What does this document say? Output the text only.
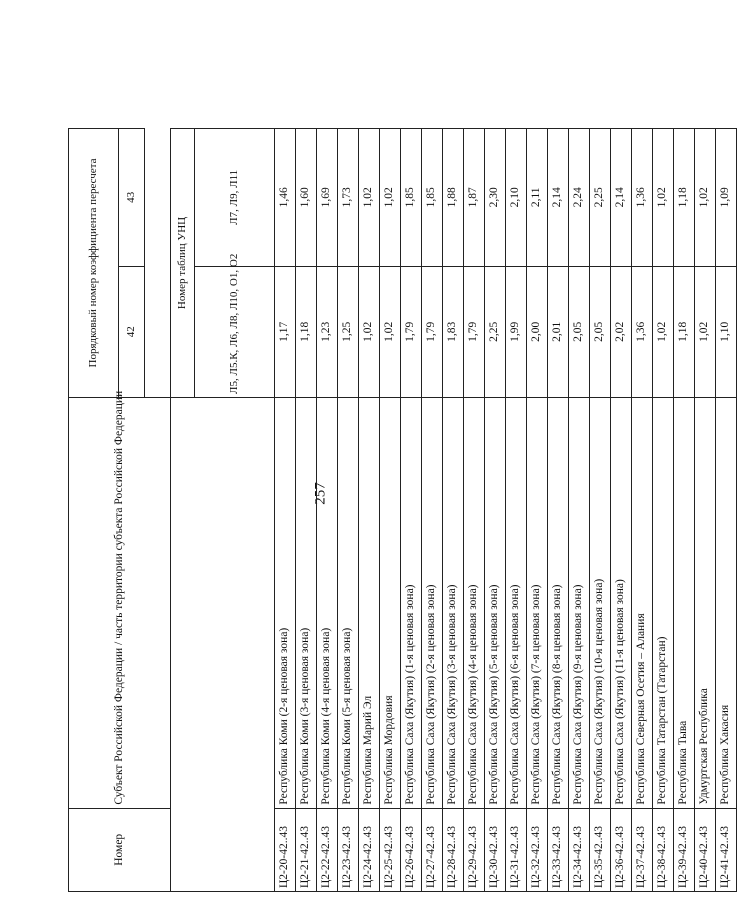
257
Номер	Субъект Российской Федерации / часть территории субъекта Российской Федерации	Порядковый номер коэффициента пересчета	
		42	43

		Номер таблиц УНЦ	
		Л5, Л5.К, Л6, Л8, Л10, О1, О2	Л7, Л9, Л11
Ц2-20-42..43	Республика Коми (2-я ценовая зона)	1,17	1,46
Ц2-21-42..43	Республика Коми (3-я ценовая зона)	1,18	1,60
Ц2-22-42..43	Республика Коми (4-я ценовая зона)	1,23	1,69
Ц2-23-42..43	Республика Коми (5-я ценовая зона)	1,25	1,73
Ц2-24-42..43	Республика Марий Эл	1,02	1,02
Ц2-25-42..43	Республика Мордовия	1,02	1,02
Ц2-26-42..43	Республика Саха (Якутия) (1-я ценовая зона)	1,79	1,85
Ц2-27-42..43	Республика Саха (Якутия) (2-я ценовая зона)	1,79	1,85
Ц2-28-42..43	Республика Саха (Якутия) (3-я ценовая зона)	1,83	1,88
Ц2-29-42..43	Республика Саха (Якутия) (4-я ценовая зона)	1,79	1,87
Ц2-30-42..43	Республика Саха (Якутия) (5-я ценовая зона)	2,25	2,30
Ц2-31-42..43	Республика Саха (Якутия) (6-я ценовая зона)	1,99	2,10
Ц2-32-42..43	Республика Саха (Якутия) (7-я ценовая зона)	2,00	2,11
Ц2-33-42..43	Республика Саха (Якутия) (8-я ценовая зона)	2,01	2,14
Ц2-34-42..43	Республика Саха (Якутия) (9-я ценовая зона)	2,05	2,24
Ц2-35-42..43	Республика Саха (Якутия) (10-я ценовая зона)	2,05	2,25
Ц2-36-42..43	Республика Саха (Якутия) (11-я ценовая зона)	2,02	2,14
Ц2-37-42..43	Республика Северная Осетия – Алания	1,36	1,36
Ц2-38-42..43	Республика Татарстан (Татарстан)	1,02	1,02
Ц2-39-42..43	Республика Тыва	1,18	1,18
Ц2-40-42..43	Удмуртская Республика	1,02	1,02
Ц2-41-42..43	Республика Хакасия	1,10	1,09
